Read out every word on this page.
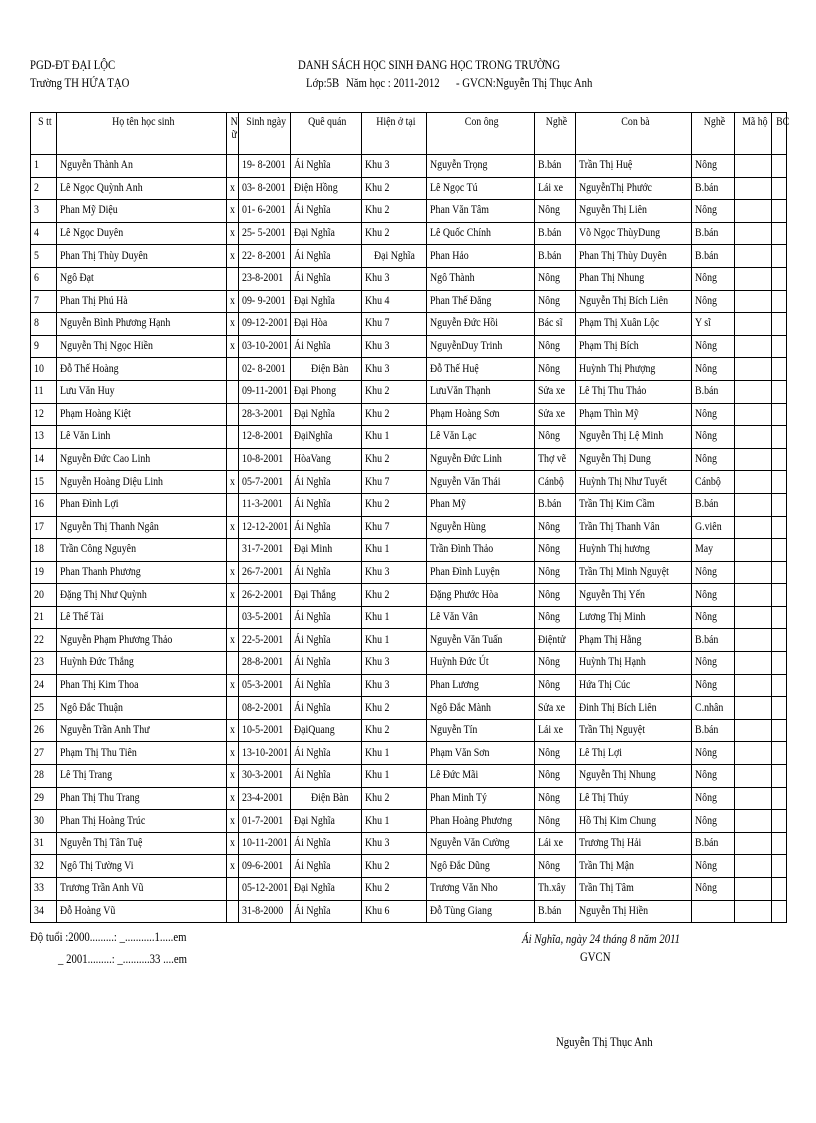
PGD-ĐT ĐẠI LỘC
Trường TH HỨA TẠO
DANH SÁCH HỌC SINH ĐANG HỌC TRONG TRƯỜNG
Lớp:5B Năm học : 2011-2012 - GVCN:Nguyễn Thị Thục Anh
S tt	Họ tên học sinh	N ữ	Sinh ngày	Quê quán	Hiện ở tại	Con ông	Nghề	Con bà	Nghề	Mã hộ	BC
1	Nguyễn Thành An		19- 8-2001	Ái Nghĩa	Khu 3	Nguyễn Trọng	B.bán	Trần Thị Huệ	Nông		
2	Lê Ngọc Quỳnh Anh	x	03- 8-2001	Điện Hồng	Khu 2	Lê Ngọc Tú	Lái xe	NguyễnThị Phước	B.bán		
3	Phan Mỹ Diệu	x	01- 6-2001	Ái Nghĩa	Khu 2	Phan Văn Tâm	Nông	Nguyễn Thị Liên	Nông		
4	Lê Ngọc Duyên	x	25- 5-2001	Đại Nghĩa	Khu 2	Lê Quốc Chính	B.bán	Võ Ngọc ThùyDung	B.bán		
5	Phan Thị Thùy Duyên	x	22- 8-2001	Ái Nghĩa	Đại Nghĩa	Phan Hảo	B.bán	Phan Thị Thùy Duyên	B.bán		
6	Ngô Đạt		23-8-2001	Ái Nghĩa	Khu 3	Ngô Thành	Nông	Phan Thị Nhung	Nông		
7	Phan Thị Phú Hà	x	09- 9-2001	Đại Nghĩa	Khu 4	Phan Thế Đăng	Nông	Nguyễn Thị Bích Liên	Nông		
8	Nguyễn Bình Phương Hạnh	x	09-12-2001	Đại Hòa	Khu 7	Nguyễn Đức Hồi	Bác sĩ	Phạm Thị Xuân Lộc	Y sĩ		
9	Nguyễn Thị Ngọc Hiền	x	03-10-2001	Ái Nghĩa	Khu 3	NguyễnDuy Trinh	Nông	Phạm Thị Bích	Nông		
10	Đỗ Thế Hoàng		02- 8-2001	Điện Bàn	Khu 3	Đỗ Thế Huệ	Nông	Huỳnh Thị Phượng	Nông		
11	Lưu Văn Huy		09-11-2001	Đại Phong	Khu 2	LưuVăn Thạnh	Sửa xe	Lê Thị Thu Thảo	B.bán		
12	Phạm Hoàng Kiệt		28-3-2001	Đại Nghĩa	Khu 2	Phạm Hoàng Sơn	Sửa xe	Phạm Thìn Mỹ	Nông		
13	Lê Văn Linh		12-8-2001	ĐạiNghĩa	Khu 1	Lê Văn Lạc	Nông	Nguyễn Thị Lệ Minh	Nông		
14	Nguyễn Đức Cao Linh		10-8-2001	HòaVang	Khu 2	Nguyễn Đức Linh	Thợ vẽ	Nguyễn Thị Dung	Nông		
15	Nguyễn Hoàng Diệu Linh	x	05-7-2001	Ái Nghĩa	Khu 7	Nguyễn Văn Thái	Cánbộ	Huỳnh Thị Như Tuyết	Cánbộ		
16	Phan Đình Lợi		11-3-2001	Ái Nghĩa	Khu 2	Phan Mỹ	B.bán	Trần Thị Kim Cầm	B.bán		
17	Nguyễn Thị Thanh Ngân	x	12-12-2001	Ái Nghĩa	Khu 7	Nguyễn Hùng	Nông	Trần Thị Thanh Vân	G.viên		
18	Trần Công Nguyên		31-7-2001	Đại Minh	Khu 1	Trần Đình Thảo	Nông	Huỳnh Thị hương	May		
19	Phan Thanh Phương	x	26-7-2001	Ái Nghĩa	Khu 3	Phan Đình Luyện	Nông	Trần Thị Minh Nguyệt	Nông		
20	Đặng Thị Như Quỳnh	x	26-2-2001	Đại Thắng	Khu 2	Đặng Phước Hòa	Nông	Nguyễn Thị Yến	Nông		
21	Lê Thế Tài		03-5-2001	Ái Nghĩa	Khu 1	Lê Văn Vân	Nông	Lương Thị Minh	Nông		
22	Nguyễn Phạm Phương Thảo	x	22-5-2001	Ái Nghĩa	Khu 1	Nguyễn Văn Tuấn	Điệntử	Phạm Thị Hằng	B.bán		
23	Huỳnh Đức Thắng		28-8-2001	Ái Nghĩa	Khu 3	Huỳnh Đức Út	Nông	Huỳnh Thị Hạnh	Nông		
24	Phan Thị Kim Thoa	x	05-3-2001	Ái Nghĩa	Khu 3	Phan Lương	Nông	Hứa Thị Cúc	Nông		
25	Ngô Đắc Thuận		08-2-2001	Ái Nghĩa	Khu 2	Ngô Đắc Mành	Sửa xe	Đinh Thị Bích Liên	C.nhân		
26	Nguyễn Trần Anh Thư	x	10-5-2001	ĐạiQuang	Khu 2	Nguyễn Tín	Lái xe	Trần Thị Nguyệt	B.bán		
27	Phạm Thị Thu Tiên	x	13-10-2001	Ái Nghĩa	Khu 1	Phạm Văn Sơn	Nông	Lê Thị Lợi	Nông		
28	Lê Thị Trang	x	30-3-2001	Ái Nghĩa	Khu 1	Lê Đức Mãi	Nông	Nguyễn Thị Nhung	Nông		
29	Phan Thị Thu Trang	x	23-4-2001	Điện Bàn	Khu 2	Phan Minh Tý	Nông	Lê Thị Thúy	Nông		
30	Phan Thị Hoàng Trúc	x	01-7-2001	Đại Nghĩa	Khu 1	Phan Hoàng Phương	Nông	Hồ Thị Kim Chung	Nông		
31	Nguyễn Thị Tân Tuệ	x	10-11-2001	Ái Nghĩa	Khu 3	Nguyễn Văn Cường	Lái xe	Trương Thị Hải	B.bán		
32	Ngô Thị Tường Vi	x	09-6-2001	Ái Nghĩa	Khu 2	Ngô Đắc Dũng	Nông	Trần Thị Mận	Nông		
33	Trương Trần Anh Vũ		05-12-2001	Đại Nghĩa	Khu 2	Trương Văn Nho	Th.xây	Trần Thị Tâm	Nông		
34	Đỗ Hoàng Vũ		31-8-2000	Ái Nghĩa	Khu 6	Đỗ Tùng Giang	B.bán	Nguyễn Thị Hiền			
Độ tuổi :2000.........: _...........1.....em
_ 2001.........: _..........33 ....em
Ái Nghĩa, ngày 24 tháng 8 năm 2011
GVCN
Nguyễn Thị Thục Anh
